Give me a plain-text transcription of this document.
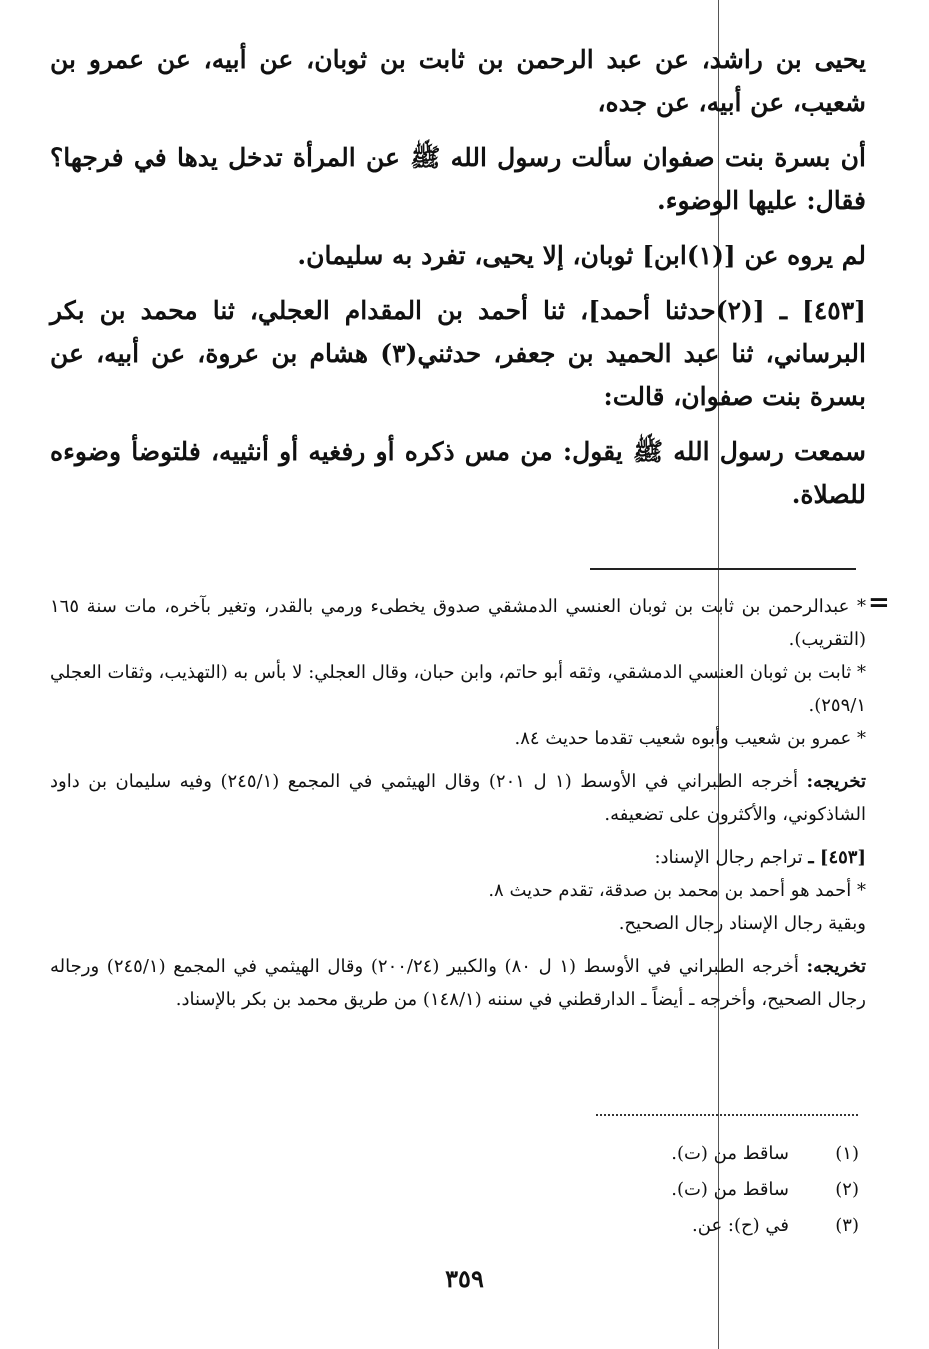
=

يحيى بن راشد، عن عبد الرحمن بن ثابت بن ثوبان، عن أبيه، عن عمرو بن شعيب، عن أبيه، عن جده،

أن بسرة بنت صفوان سألت رسول الله ﷺ عن المرأة تدخل يدها في فرجها؟ فقال: عليها الوضوء.

لم يروه عن [(١)ابن] ثوبان، إلا يحيى، تفرد به سليمان.

[٤٥٣] ـ [(٢)حدثنا أحمد]، ثنا أحمد بن المقدام العجلي، ثنا محمد بن بكر البرساني، ثنا عبد الحميد بن جعفر، حدثني(٣) هشام بن عروة، عن أبيه، عن بسرة بنت صفوان، قالت:

سمعت رسول الله ﷺ يقول: من مس ذكره أو رفغيه أو أنثييه، فلتوضأ وضوءه للصلاة.

* عبدالرحمن بن ثابت بن ثوبان العنسي الدمشقي صدوق يخطىء ورمي بالقدر، وتغير بآخره، مات سنة ١٦٥ (التقريب).

* ثابت بن ثوبان العنسي الدمشقي، وثقه أبو حاتم، وابن حبان، وقال العجلي: لا بأس به (التهذيب، وثقات العجلي ٢٥٩/١).

* عمرو بن شعيب وأبوه شعيب تقدما حديث ٨٤.

تخريجه: أخرجه الطبراني في الأوسط (١ ل ٢٠١) وقال الهيثمي في المجمع (٢٤٥/١) وفيه سليمان بن داود الشاذكوني، والأكثرون على تضعيفه.

[٤٥٣] ـ تراجم رجال الإسناد:

* أحمد هو أحمد بن محمد بن صدقة، تقدم حديث ٨.

وبقية رجال الإسناد رجال الصحيح.

تخريجه: أخرجه الطبراني في الأوسط (١ ل ٨٠) والكبير (٢٠٠/٢٤) وقال الهيثمي في المجمع (٢٤٥/١) ورجاله رجال الصحيح، وأخرجه ـ أيضاً ـ الدارقطني في سننه (١٤٨/١) من طريق محمد بن بكر بالإسناد.

(١)ساقط من (ت).
(٢)ساقط من (ت).
(٣)في (ح): عن.
٣٥٩
